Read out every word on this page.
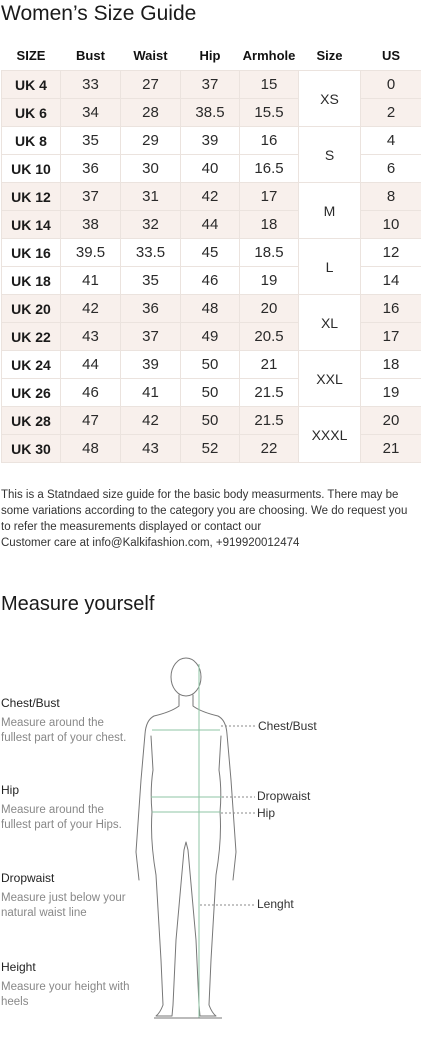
Women’s Size Guide
SIZE	Bust	Waist	Hip	Armhole	Size	US
UK 4	33	27	37	15	XS	0
UK 6	34	28	38.5	15.5		2
UK 8	35	29	39	16	S	4
UK 10	36	30	40	16.5		6
UK 12	37	31	42	17	M	8
UK 14	38	32	44	18		10
UK 16	39.5	33.5	45	18.5	L	12
UK 18	41	35	46	19		14
UK 20	42	36	48	20	XL	16
UK 22	43	37	49	20.5		17
UK 24	44	39	50	21	XXL	18
UK 26	46	41	50	21.5		19
UK 28	47	42	50	21.5	XXXL	20
UK 30	48	43	52	22		21
This is a Statndaed size guide for the basic body measurments. There may be some variations according to the category you are choosing. We do request you to refer the measurements displayed or contact our
Customer care at info@Kalkifashion.com, +919920012474
Measure yourself
Chest/Bust
Measure around the fullest part of your chest.
Hip
Measure around the fullest part of your Hips.
Dropwaist
Measure just below your natural waist line
Height
Measure your height with heels
Chest/Bust
Dropwaist
Hip
Lenght
